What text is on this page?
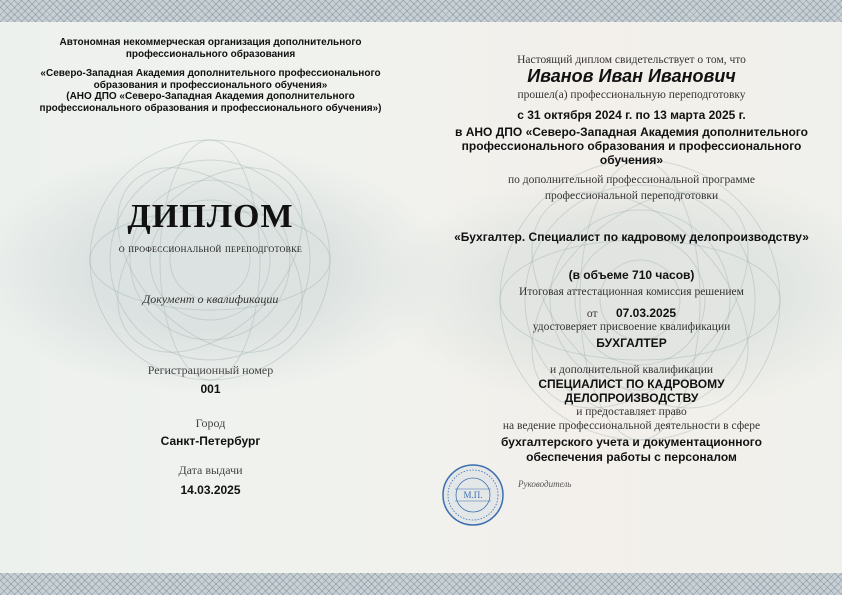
Автономная некоммерческая организация дополнительного
профессионального образования
«Северо-Западная Академия дополнительного профессионального
образования и профессионального обучения»
(АНО ДПО «Северо-Западная Академия дополнительного
профессионального образования и профессионального обучения»)
ДИПЛОМ
о профессиональной переподготовке
Документ о квалификации
Регистрационный номер
001
Город
Санкт-Петербург
Дата выдачи
14.03.2025
Настоящий диплом свидетельствует о том, что
Иванов Иван Иванович
прошел(а) профессиональную переподготовку
с 31 октября 2024 г. по 13 марта 2025 г.
в АНО ДПО «Северо-Западная Академия дополнительного
профессионального образования и профессионального
обучения»
по дополнительной профессиональной программе
профессиональной переподготовки
«Бухгалтер. Специалист по кадровому делопроизводству»
(в объеме 710 часов)
Итоговая аттестационная комиссия решением
от 07.03.2025
удостоверяет присвоение квалификации
БУХГАЛТЕР
и дополнительной квалификации
СПЕЦИАЛИСТ ПО КАДРОВОМУ
ДЕЛОПРОИЗВОДСТВУ
и предоставляет право
на ведение профессиональной деятельности в сфере
бухгалтерского учета и документационного
обеспечения работы с персоналом
М.П.
Руководитель
